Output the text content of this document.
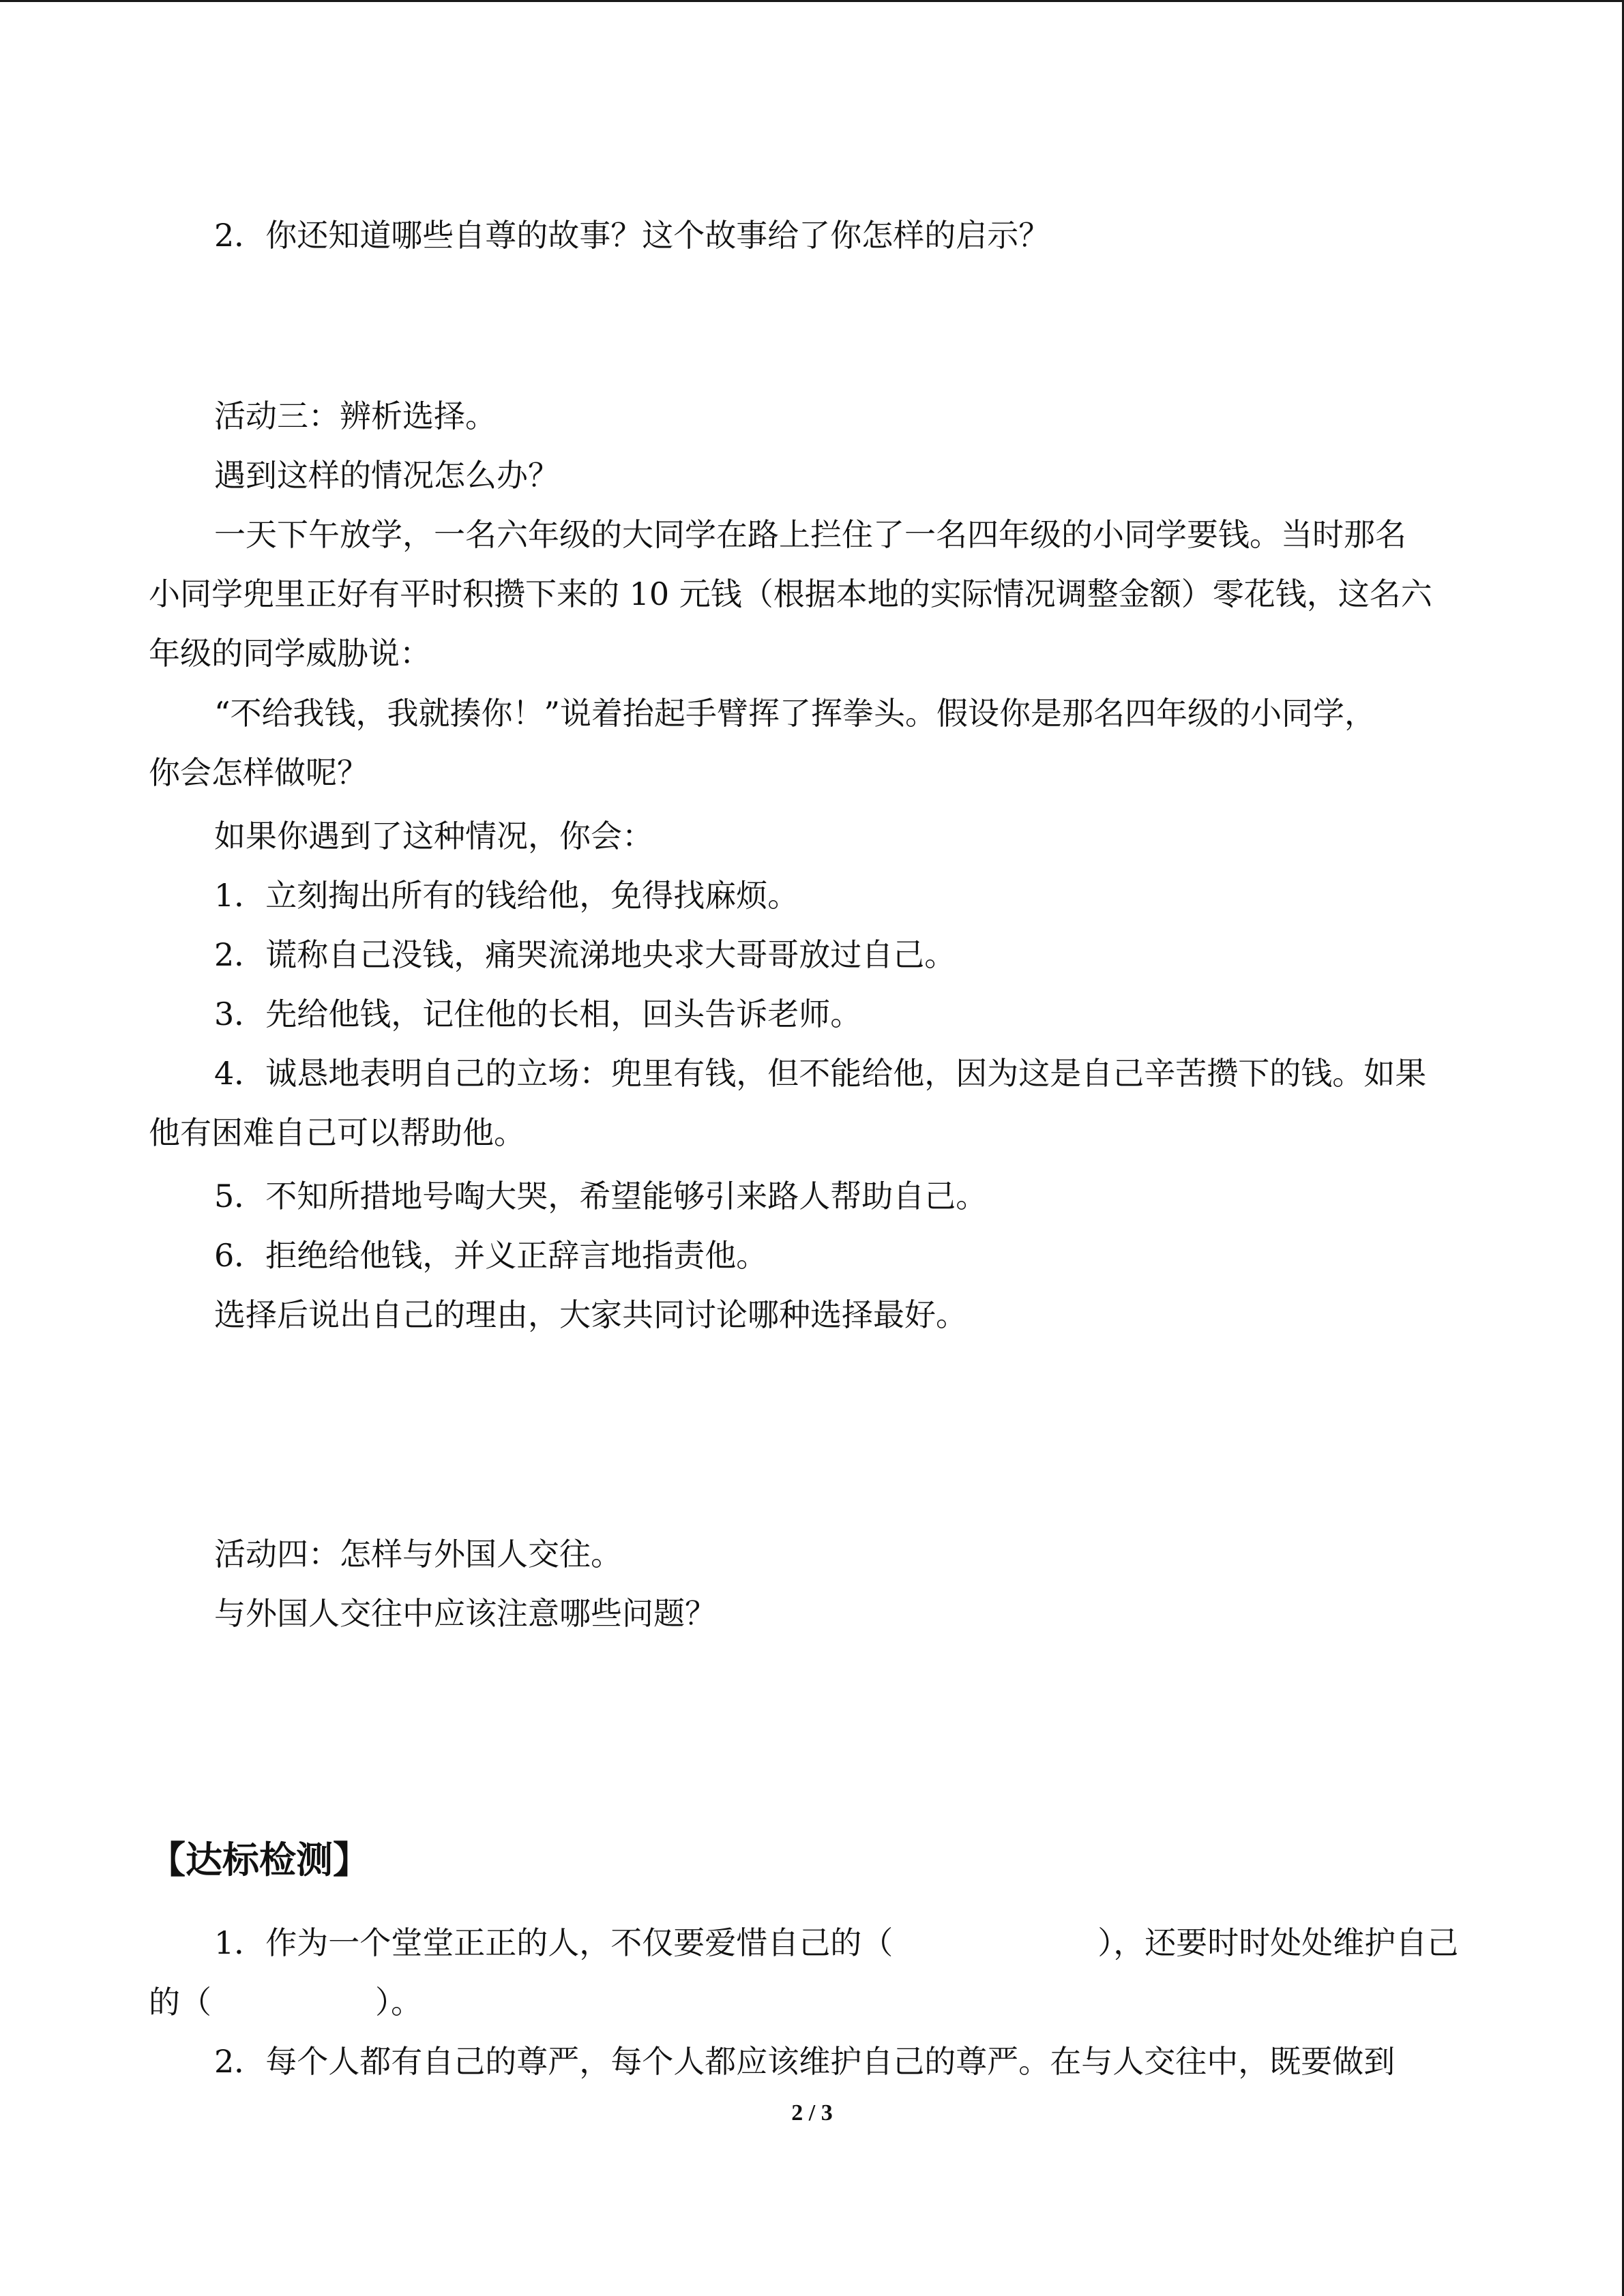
2．你还知道哪些自尊的故事？这个故事给了你怎样的启示？

活动三：辨析选择。

遇到这样的情况怎么办？

一天下午放学，一名六年级的大同学在路上拦住了一名四年级的小同学要钱。当时那名

小同学兜里正好有平时积攒下来的 10 元钱（根据本地的实际情况调整金额）零花钱，这名六

年级的同学威胁说：

“不给我钱，我就揍你！”说着抬起手臂挥了挥拳头。假设你是那名四年级的小同学，

你会怎样做呢？

如果你遇到了这种情况，你会：

1．立刻掏出所有的钱给他，免得找麻烦。

2．谎称自己没钱，痛哭流涕地央求大哥哥放过自己。

3．先给他钱，记住他的长相，回头告诉老师。

4．诚恳地表明自己的立场：兜里有钱，但不能给他，因为这是自己辛苦攒下的钱。如果

他有困难自己可以帮助他。

5．不知所措地号啕大哭，希望能够引来路人帮助自己。

6．拒绝给他钱，并义正辞言地指责他。

选择后说出自己的理由，大家共同讨论哪种选择最好。

活动四：怎样与外国人交往。

与外国人交往中应该注意哪些问题？

【达标检测】

1．作为一个堂堂正正的人，不仅要爱惜自己的（	），还要时时处处维护自己

的（	）。

2．每个人都有自己的尊严，每个人都应该维护自己的尊严。在与人交往中，既要做到

2 / 3
